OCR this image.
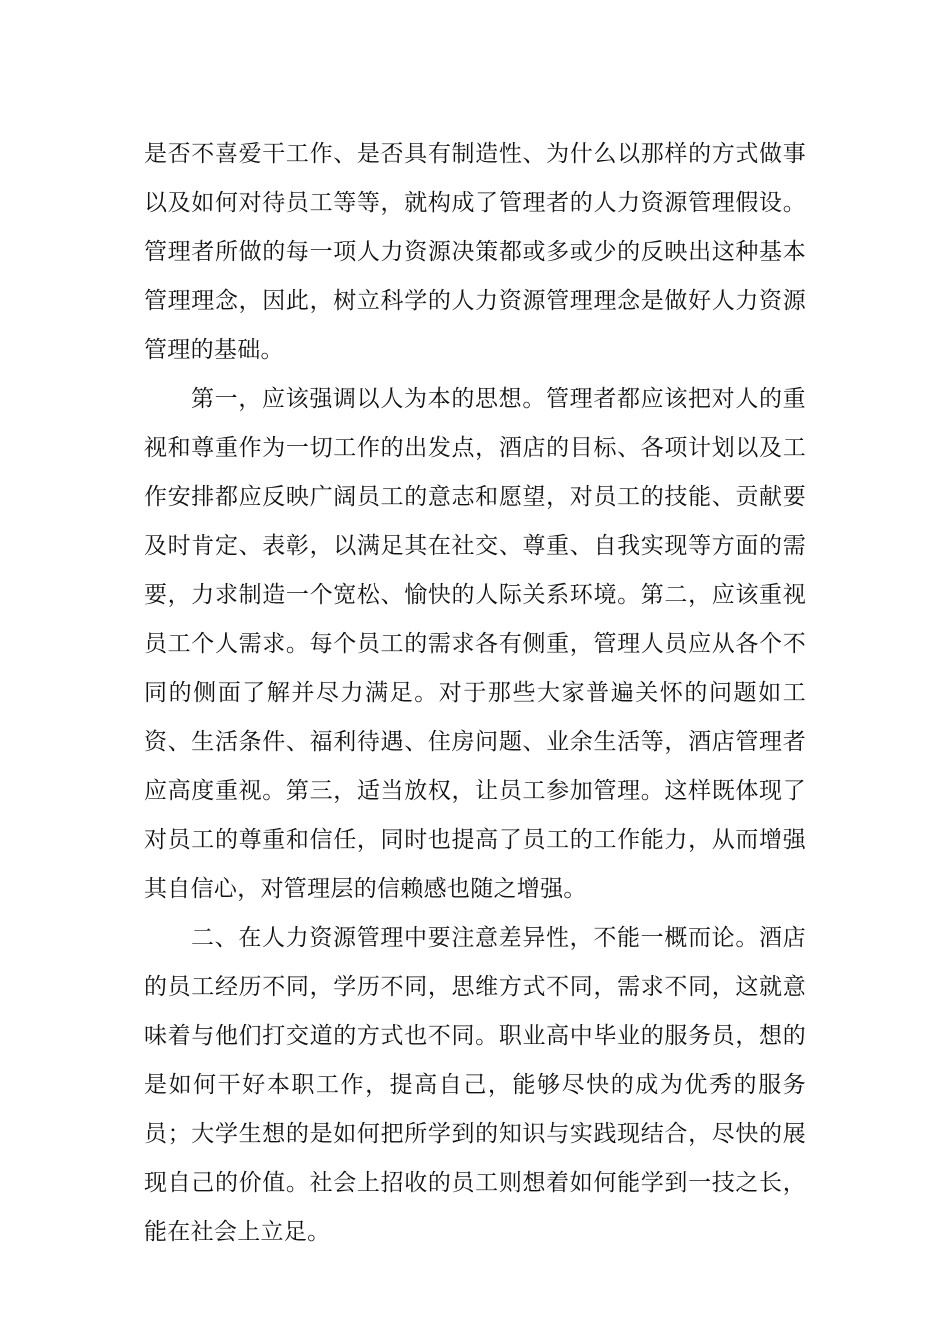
是否不喜爱干工作、是否具有制造性、为什么以那样的方式做事以及如何对待员工等等，就构成了管理者的人力资源管理假设。管理者所做的每一项人力资源决策都或多或少的反映出这种基本管理理念，因此，树立科学的人力资源管理理念是做好人力资源管理的基础。

第一，应该强调以人为本的思想。管理者都应该把对人的重视和尊重作为一切工作的出发点，酒店的目标、各项计划以及工作安排都应反映广阔员工的意志和愿望，对员工的技能、贡献要及时肯定、表彰，以满足其在社交、尊重、自我实现等方面的需要，力求制造一个宽松、愉快的人际关系环境。第二，应该重视员工个人需求。每个员工的需求各有侧重，管理人员应从各个不同的侧面了解并尽力满足。对于那些大家普遍关怀的问题如工资、生活条件、福利待遇、住房问题、业余生活等，酒店管理者应高度重视。第三，适当放权，让员工参加管理。这样既体现了对员工的尊重和信任，同时也提高了员工的工作能力，从而增强其自信心，对管理层的信赖感也随之增强。

二、在人力资源管理中要注意差异性，不能一概而论。酒店的员工经历不同，学历不同，思维方式不同，需求不同，这就意味着与他们打交道的方式也不同。职业高中毕业的服务员，想的是如何干好本职工作，提高自己，能够尽快的成为优秀的服务员；大学生想的是如何把所学到的知识与实践现结合，尽快的展现自己的价值。社会上招收的员工则想着如何能学到一技之长，能在社会上立足。
